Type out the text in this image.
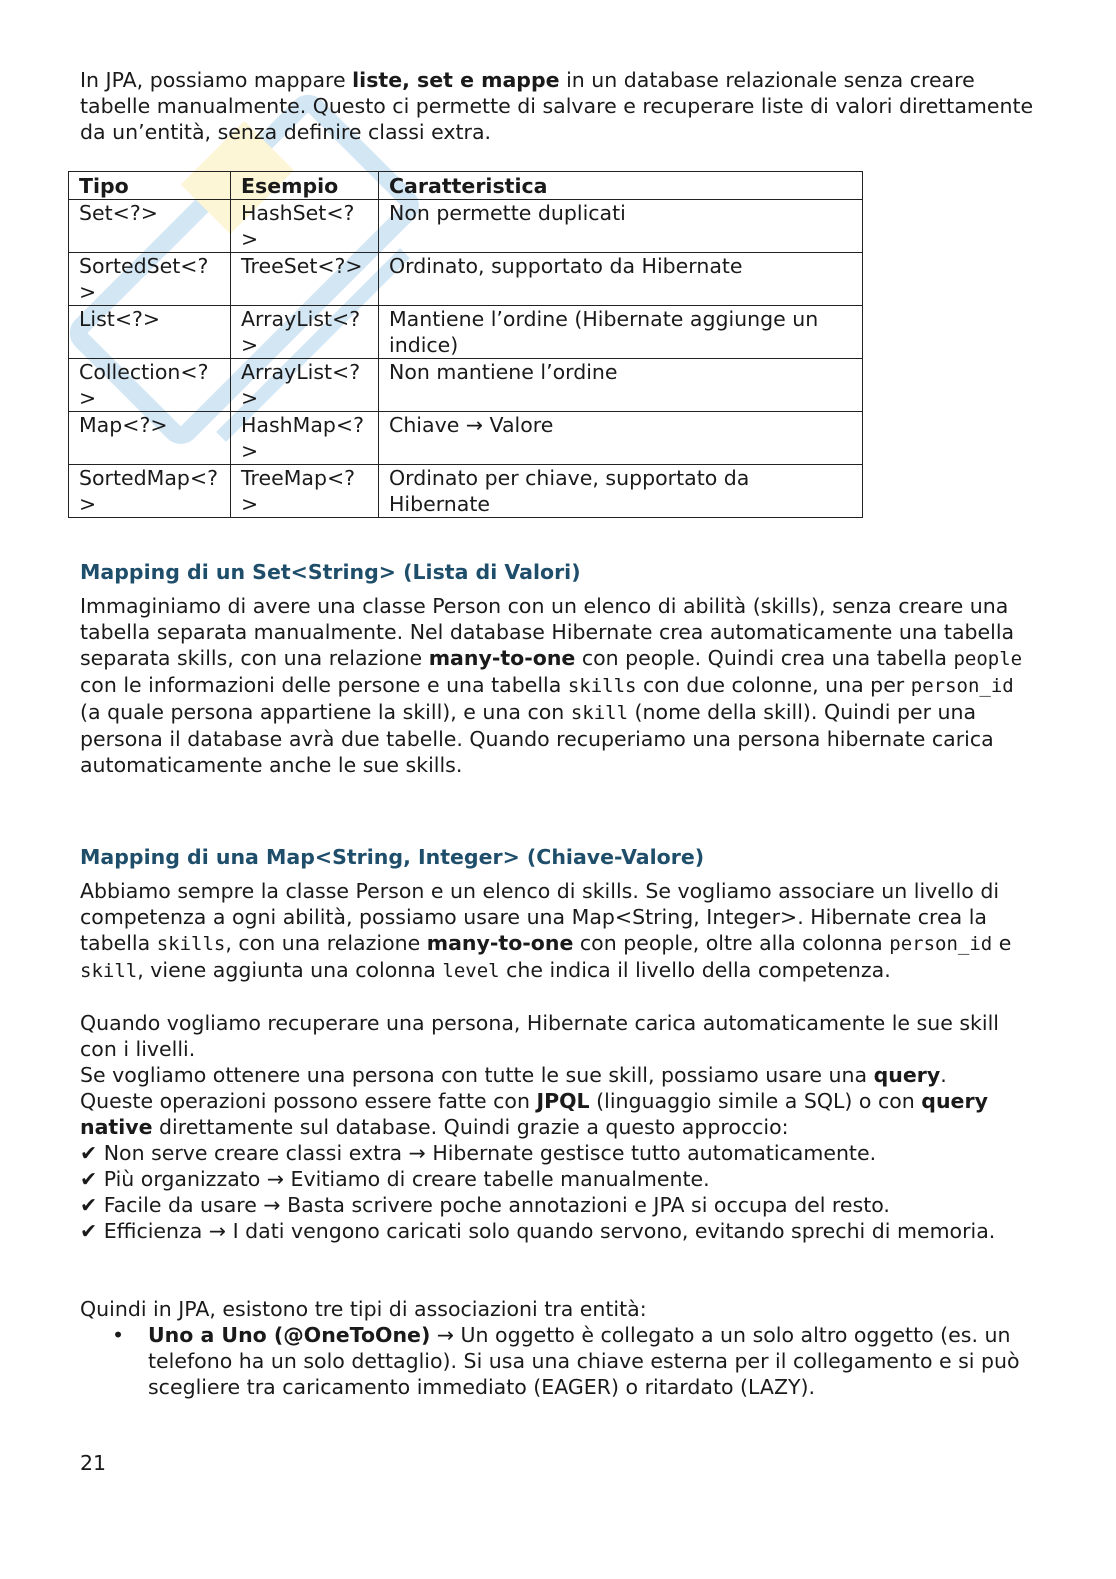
In JPA, possiamo mappare liste, set e mappe in un database relazionale senza creare tabelle manualmente. Questo ci permette di salvare e recuperare liste di valori direttamente da un’entità, senza definire classi extra.

Tipo	Esempio	Caratteristica
Set<?>	HashSet<?>	Non permette duplicati
SortedSet<?>	TreeSet<?>	Ordinato, supportato da Hibernate
List<?>	ArrayList<?>	Mantiene l’ordine (Hibernate aggiunge un indice)
Collection<?>	ArrayList<?>	Non mantiene l’ordine
Map<?>	HashMap<?>	Chiave → Valore
SortedMap<?>	TreeMap<?>	Ordinato per chiave, supportato da Hibernate
Mapping di un Set<String> (Lista di Valori)

Immaginiamo di avere una classe Person con un elenco di abilità (skills), senza creare una tabella separata manualmente. Nel database Hibernate crea automaticamente una tabella separata skills, con una relazione many-to-one con people. Quindi crea una tabella people con le informazioni delle persone e una tabella skills con due colonne, una per person_id (a quale persona appartiene la skill), e una con skill (nome della skill). Quindi per una persona il database avrà due tabelle. Quando recuperiamo una persona hibernate carica automaticamente anche le sue skills.

Mapping di una Map<String, Integer> (Chiave-Valore)

Abbiamo sempre la classe Person e un elenco di skills. Se vogliamo associare un livello di competenza a ogni abilità, possiamo usare una Map<String, Integer>. Hibernate crea la tabella skills, con una relazione many-to-one con people, oltre alla colonna person_id e skill, viene aggiunta una colonna level che indica il livello della competenza.

Quando vogliamo recuperare una persona, Hibernate carica automaticamente le sue skill con i livelli.

Se vogliamo ottenere una persona con tutte le sue skill, possiamo usare una query.

Queste operazioni possono essere fatte con JPQL (linguaggio simile a SQL) o con query native direttamente sul database. Quindi grazie a questo approccio:

✔ Non serve creare classi extra → Hibernate gestisce tutto automaticamente.

✔ Più organizzato → Evitiamo di creare tabelle manualmente.

✔ Facile da usare → Basta scrivere poche annotazioni e JPA si occupa del resto.

✔ Efficienza → I dati vengono caricati solo quando servono, evitando sprechi di memoria.

Quindi in JPA, esistono tre tipi di associazioni tra entità:

• Uno a Uno (@OneToOne) → Un oggetto è collegato a un solo altro oggetto (es. un telefono ha un solo dettaglio). Si usa una chiave esterna per il collegamento e si può scegliere tra caricamento immediato (EAGER) o ritardato (LAZY).
21
